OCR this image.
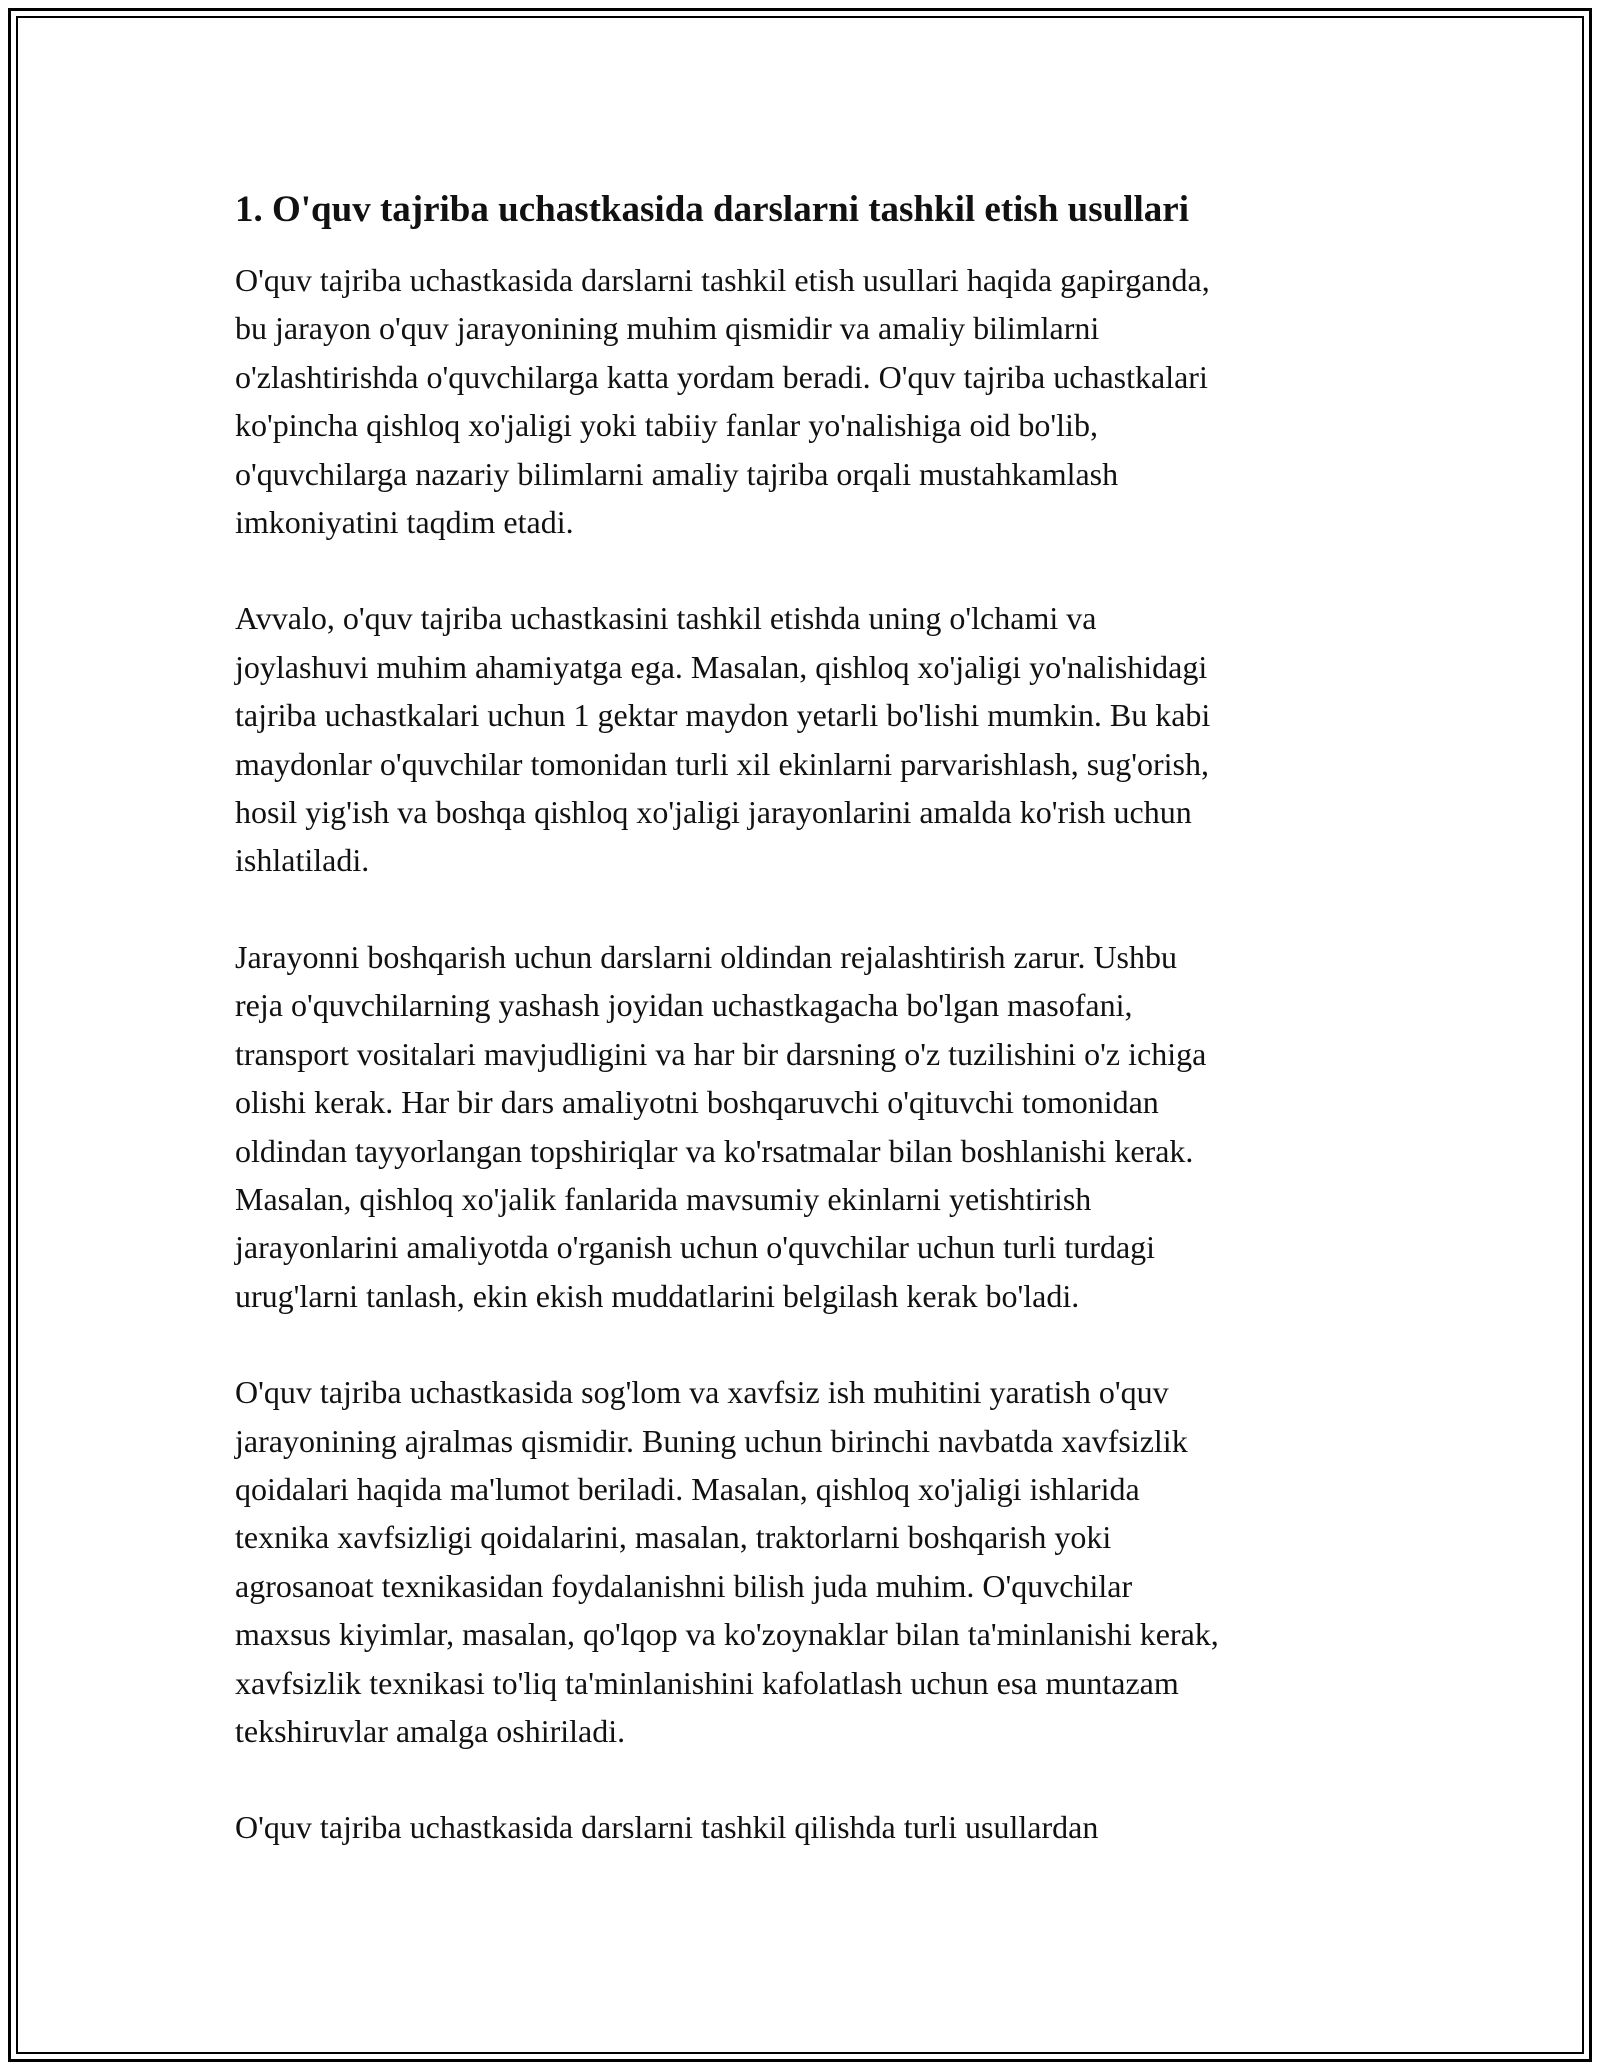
1. O'quv tajriba uchastkasida darslarni tashkil etish usullari

O'quv tajriba uchastkasida darslarni tashkil etish usullari haqida gapirganda,
bu jarayon o'quv jarayonining muhim qismidir va amaliy bilimlarni
o'zlashtirishda o'quvchilarga katta yordam beradi. O'quv tajriba uchastkalari
ko'pincha qishloq xo'jaligi yoki tabiiy fanlar yo'nalishiga oid bo'lib,
o'quvchilarga nazariy bilimlarni amaliy tajriba orqali mustahkamlash
imkoniyatini taqdim etadi.

Avvalo, o'quv tajriba uchastkasini tashkil etishda uning o'lchami va
joylashuvi muhim ahamiyatga ega. Masalan, qishloq xo'jaligi yo'nalishidagi
tajriba uchastkalari uchun 1 gektar maydon yetarli bo'lishi mumkin. Bu kabi
maydonlar o'quvchilar tomonidan turli xil ekinlarni parvarishlash, sug'orish,
hosil yig'ish va boshqa qishloq xo'jaligi jarayonlarini amalda ko'rish uchun
ishlatiladi.

Jarayonni boshqarish uchun darslarni oldindan rejalashtirish zarur. Ushbu
reja o'quvchilarning yashash joyidan uchastkagacha bo'lgan masofani,
transport vositalari mavjudligini va har bir darsning o'z tuzilishini o'z ichiga
olishi kerak. Har bir dars amaliyotni boshqaruvchi o'qituvchi tomonidan
oldindan tayyorlangan topshiriqlar va ko'rsatmalar bilan boshlanishi kerak.
Masalan, qishloq xo'jalik fanlarida mavsumiy ekinlarni yetishtirish
jarayonlarini amaliyotda o'rganish uchun o'quvchilar uchun turli turdagi
urug'larni tanlash, ekin ekish muddatlarini belgilash kerak bo'ladi.

O'quv tajriba uchastkasida sog'lom va xavfsiz ish muhitini yaratish o'quv
jarayonining ajralmas qismidir. Buning uchun birinchi navbatda xavfsizlik
qoidalari haqida ma'lumot beriladi. Masalan, qishloq xo'jaligi ishlarida
texnika xavfsizligi qoidalarini, masalan, traktorlarni boshqarish yoki
agrosanoat texnikasidan foydalanishni bilish juda muhim. O'quvchilar
maxsus kiyimlar, masalan, qo'lqop va ko'zoynaklar bilan ta'minlanishi kerak,
xavfsizlik texnikasi to'liq ta'minlanishini kafolatlash uchun esa muntazam
tekshiruvlar amalga oshiriladi.

O'quv tajriba uchastkasida darslarni tashkil qilishda turli usullardan
